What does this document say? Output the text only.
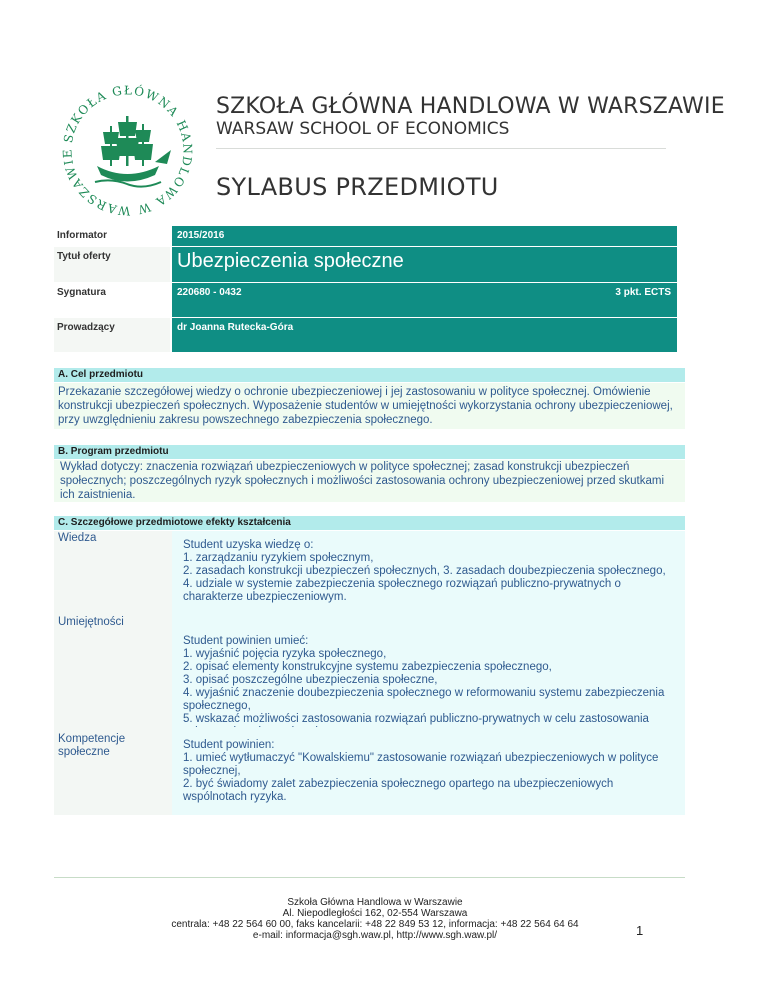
SZKOŁA GŁÓWNA HANDLOWA W WARSZAWIE
SZKOŁA GŁÓWNA HANDLOWA W WARSZAWIE
WARSAW SCHOOL OF ECONOMICS
SYLABUS PRZEDMIOTU
Informator	2015/2016
Tytuł oferty	Ubezpieczenia społeczne
Sygnatura	220680 - 0432	3 pkt. ECTS
Prowadzący	dr Joanna Rutecka-Góra
A. Cel przedmiotu

Przekazanie szczegółowej wiedzy o ochronie ubezpieczeniowej i jej zastosowaniu w polityce społecznej. Omówienie konstrukcji ubezpieczeń społecznych. Wyposażenie studentów w umiejętności wykorzystania ochrony ubezpieczeniowej, przy uwzględnieniu zakresu powszechnego zabezpieczenia społecznego.

B. Program przedmiotu

Wykład dotyczy: znaczenia rozwiązań ubezpieczeniowych w polityce społecznej; zasad konstrukcji ubezpieczeń społecznych; poszczególnych ryzyk społecznych i możliwości zastosowania ochrony ubezpieczeniowej przed skutkami ich zaistnienia.

C. Szczegółowe przedmiotowe efekty kształcenia
Wiedza

Student uzyska wiedzę o:

1. zarządzaniu ryzykiem społecznym,

2. zasadach konstrukcji ubezpieczeń społecznych, 3. zasadach doubezpieczenia społecznego,

4. udziale w systemie zabezpieczenia społecznego rozwiązań publiczno-prywatnych o charakterze ubezpieczeniowym.

Umiejętności

Student powinien umieć:

1. wyjaśnić pojęcia ryzyka społecznego,

2. opisać elementy konstrukcyjne systemu zabezpieczenia społecznego,

3. opisać poszczególne ubezpieczenia społeczne,

4. wyjaśnić znaczenie doubezpieczenia społecznego w reformowaniu systemu zabezpieczenia społecznego,

5. wskazać możliwości zastosowania rozwiązań publiczno-prywatnych w celu zastosowania

Kompetencje społeczne

Student powinien:

1. umieć wytłumaczyć "Kowalskiemu" zastosowanie rozwiązań ubezpieczeniowych w polityce społecznej,

2. być świadomy zalet zabezpieczenia społecznego opartego na ubezpieczeniowych wspólnotach ryzyka.

Szkoła Główna Handlowa w Warszawie
Al. Niepodległości 162, 02-554 Warszawa
centrala: +48 22 564 60 00, faks kancelarii: +48 22 849 53 12, informacja: +48 22 564 64 64
e-mail: informacja@sgh.waw.pl, http://www.sgh.waw.pl/	1
